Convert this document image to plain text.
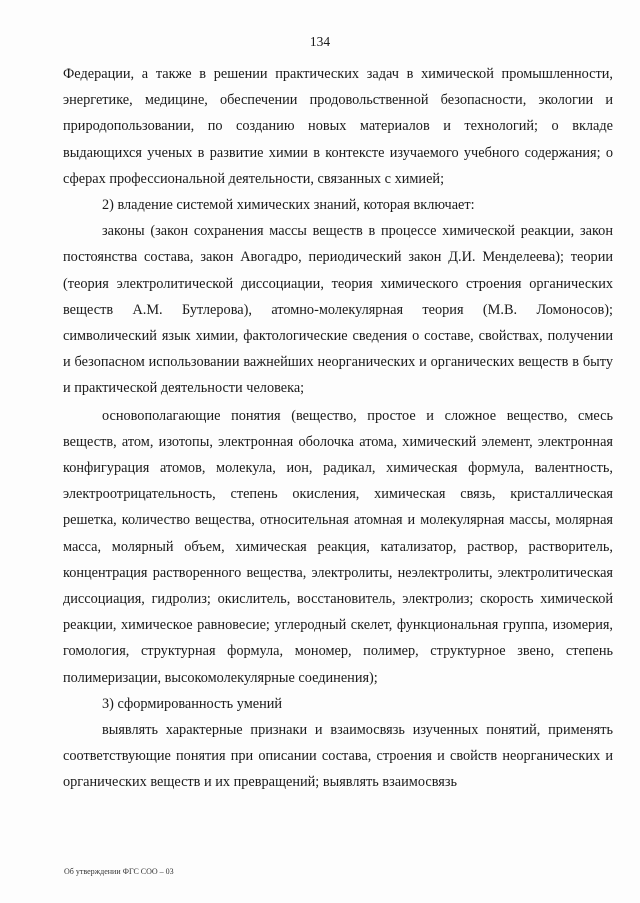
134

Федерации, а также в решении практических задач в химической промышленности, энергетике, медицине, обеспечении продовольственной безопасности, экологии и природопользовании, по созданию новых материалов и технологий; о вкладе выдающихся ученых в развитие химии в контексте изучаемого учебного содержания; о сферах профессиональной деятельности, связанных с химией;

2) владение системой химических знаний, которая включает:

законы (закон сохранения массы веществ в процессе химической реакции, закон постоянства состава, закон Авогадро, периодический закон Д.И. Менделеева); теории (теория электролитической диссоциации, теория химического строения органических веществ А.М. Бутлерова), атомно-молекулярная теория (М.В. Ломоносов); символический язык химии, фактологические сведения о составе, свойствах, получении и безопасном использовании важнейших неорганических и органических веществ в быту и практической деятельности человека;

основополагающие понятия (вещество, простое и сложное вещество, смесь веществ, атом, изотопы, электронная оболочка атома, химический элемент, электронная конфигурация атомов, молекула, ион, радикал, химическая формула, валентность, электроотрицательность, степень окисления, химическая связь, кристаллическая решетка, количество вещества, относительная атомная и молекулярная массы, молярная масса, молярный объем, химическая реакция, катализатор, раствор, растворитель, концентрация растворенного вещества, электролиты, неэлектролиты, электролитическая диссоциация, гидролиз; окислитель, восстановитель, электролиз; скорость химической реакции, химическое равновесие; углеродный скелет, функциональная группа, изомерия, гомология, структурная формула, мономер, полимер, структурное звено, степень полимеризации, высокомолекулярные соединения);

3) сформированность умений

выявлять характерные признаки и взаимосвязь изученных понятий, применять соответствующие понятия при описании состава, строения и свойств неорганических и органических веществ и их превращений; выявлять взаимосвязь

Об утверждении ФГС СОО – 03
